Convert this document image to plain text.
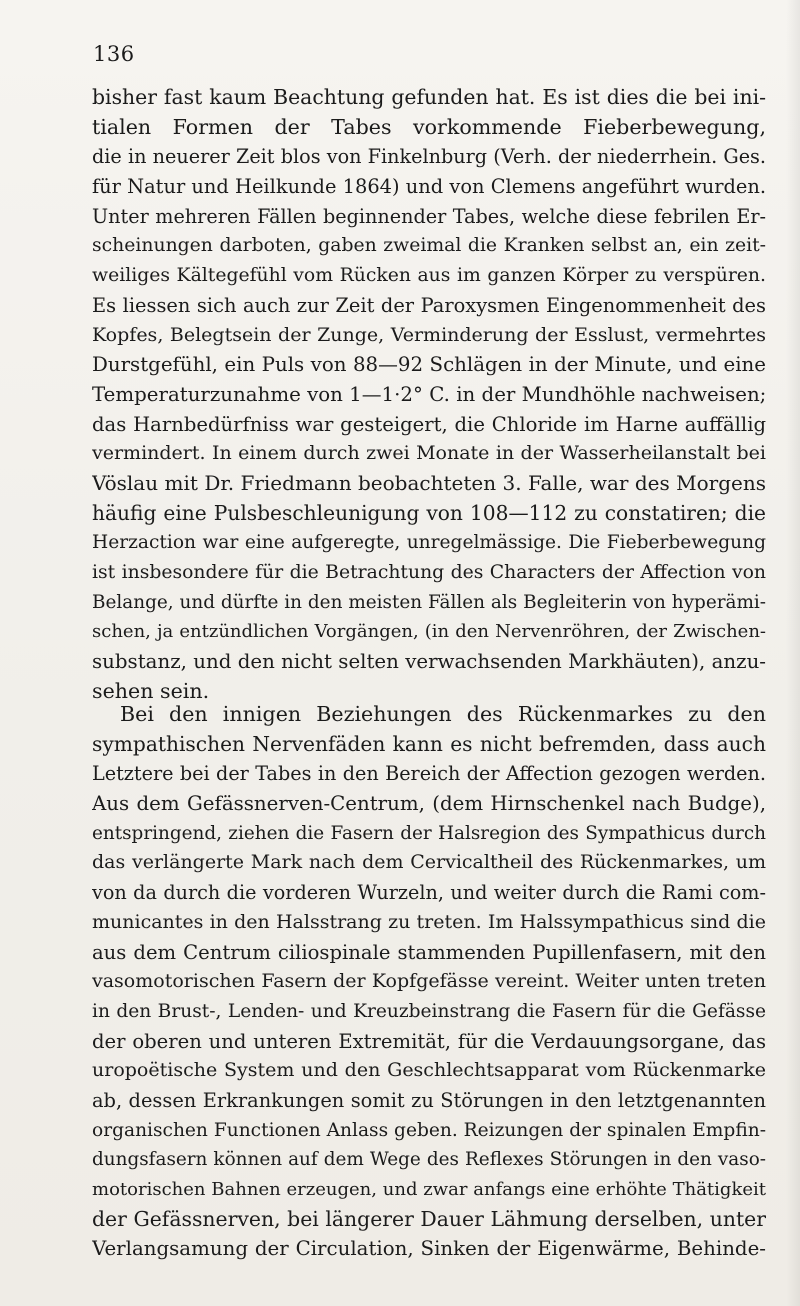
136
bisher fast kaum Beachtung gefunden hat. Es ist dies die bei ini-
tialen Formen der Tabes vorkommende Fieberbewegung,
die in neuerer Zeit blos von Finkelnburg (Verh. der niederrhein. Ges.
für Natur und Heilkunde 1864) und von Clemens angeführt wurden.
Unter mehreren Fällen beginnender Tabes, welche diese febrilen Er-
scheinungen darboten, gaben zweimal die Kranken selbst an, ein zeit-
weiliges Kältegefühl vom Rücken aus im ganzen Körper zu verspüren.
Es liessen sich auch zur Zeit der Paroxysmen Eingenommenheit des
Kopfes, Belegtsein der Zunge, Verminderung der Esslust, vermehrtes
Durstgefühl, ein Puls von 88—92 Schlägen in der Minute, und eine
Temperaturzunahme von 1—1·2° C. in der Mundhöhle nachweisen;
das Harnbedürfniss war gesteigert, die Chloride im Harne auffällig
vermindert. In einem durch zwei Monate in der Wasserheilanstalt bei
Vöslau mit Dr. Friedmann beobachteten 3. Falle, war des Morgens
häufig eine Pulsbeschleunigung von 108—112 zu constatiren; die
Herzaction war eine aufgeregte, unregelmässige. Die Fieberbewegung
ist insbesondere für die Betrachtung des Characters der Affection von
Belange, und dürfte in den meisten Fällen als Begleiterin von hyperämi-
schen, ja entzündlichen Vorgängen, (in den Nervenröhren, der Zwischen-
substanz, und den nicht selten verwachsenden Markhäuten), anzu-
sehen sein.
Bei den innigen Beziehungen des Rückenmarkes zu den
sympathischen Nervenfäden kann es nicht befremden, dass auch
Letztere bei der Tabes in den Bereich der Affection gezogen werden.
Aus dem Gefässnerven-Centrum, (dem Hirnschenkel nach Budge),
entspringend, ziehen die Fasern der Halsregion des Sympathicus durch
das verlängerte Mark nach dem Cervicaltheil des Rückenmarkes, um
von da durch die vorderen Wurzeln, und weiter durch die Rami com-
municantes in den Halsstrang zu treten. Im Halssympathicus sind die
aus dem Centrum ciliospinale stammenden Pupillenfasern, mit den
vasomotorischen Fasern der Kopfgefässe vereint. Weiter unten treten
in den Brust-, Lenden- und Kreuzbeinstrang die Fasern für die Gefässe
der oberen und unteren Extremität, für die Verdauungsorgane, das
uropoëtische System und den Geschlechtsapparat vom Rückenmarke
ab, dessen Erkrankungen somit zu Störungen in den letztgenannten
organischen Functionen Anlass geben. Reizungen der spinalen Empfin-
dungsfasern können auf dem Wege des Reflexes Störungen in den vaso-
motorischen Bahnen erzeugen, und zwar anfangs eine erhöhte Thätigkeit
der Gefässnerven, bei längerer Dauer Lähmung derselben, unter
Verlangsamung der Circulation, Sinken der Eigenwärme, Behinde-
